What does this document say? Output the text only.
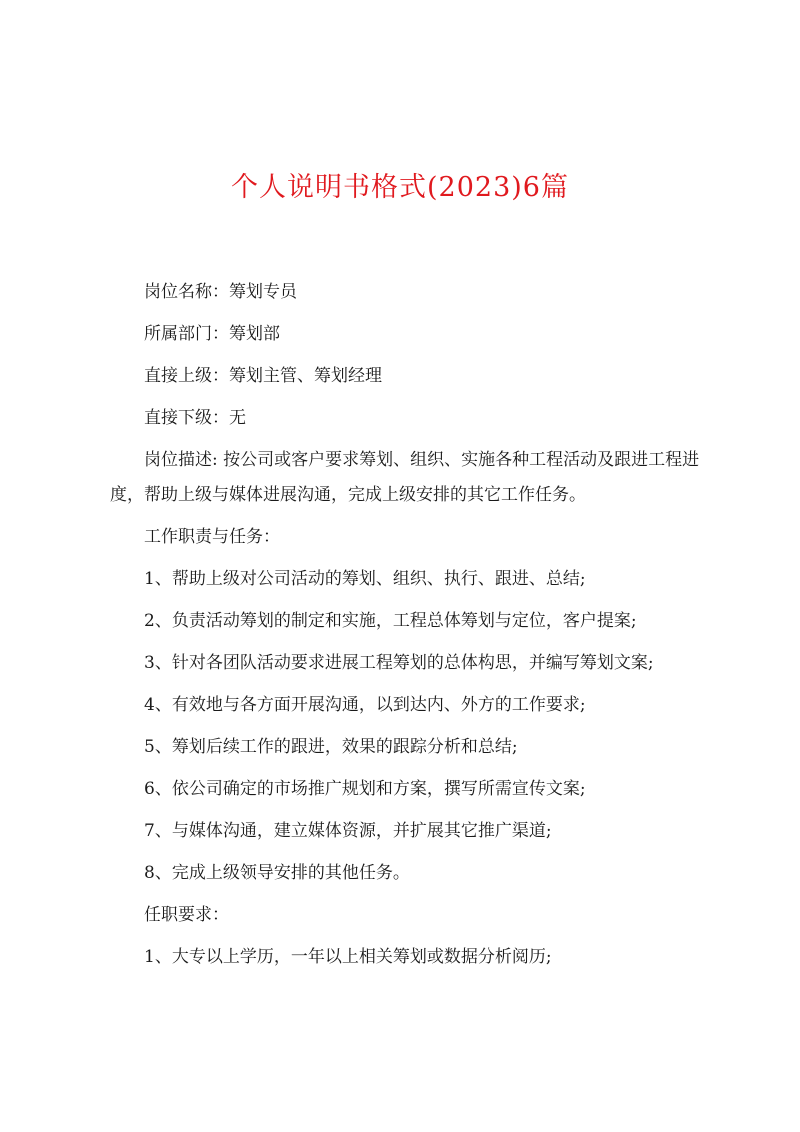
个人说明书格式(2023)6篇

岗位名称：筹划专员

所属部门：筹划部

直接上级：筹划主管、筹划经理

直接下级：无

岗位描述: 按公司或客户要求筹划、组织、实施各种工程活动及跟进工程进度，帮助上级与媒体进展沟通，完成上级安排的其它工作任务。

工作职责与任务：

1、帮助上级对公司活动的筹划、组织、执行、跟进、总结;

2、负责活动筹划的制定和实施，工程总体筹划与定位，客户提案;

3、针对各团队活动要求进展工程筹划的总体构思，并编写筹划文案;

4、有效地与各方面开展沟通，以到达内、外方的工作要求;

5、筹划后续工作的跟进，效果的跟踪分析和总结;

6、依公司确定的市场推广规划和方案，撰写所需宣传文案;

7、与媒体沟通，建立媒体资源，并扩展其它推广渠道;

8、完成上级领导安排的其他任务。

任职要求：

1、大专以上学历，一年以上相关筹划或数据分析阅历;
